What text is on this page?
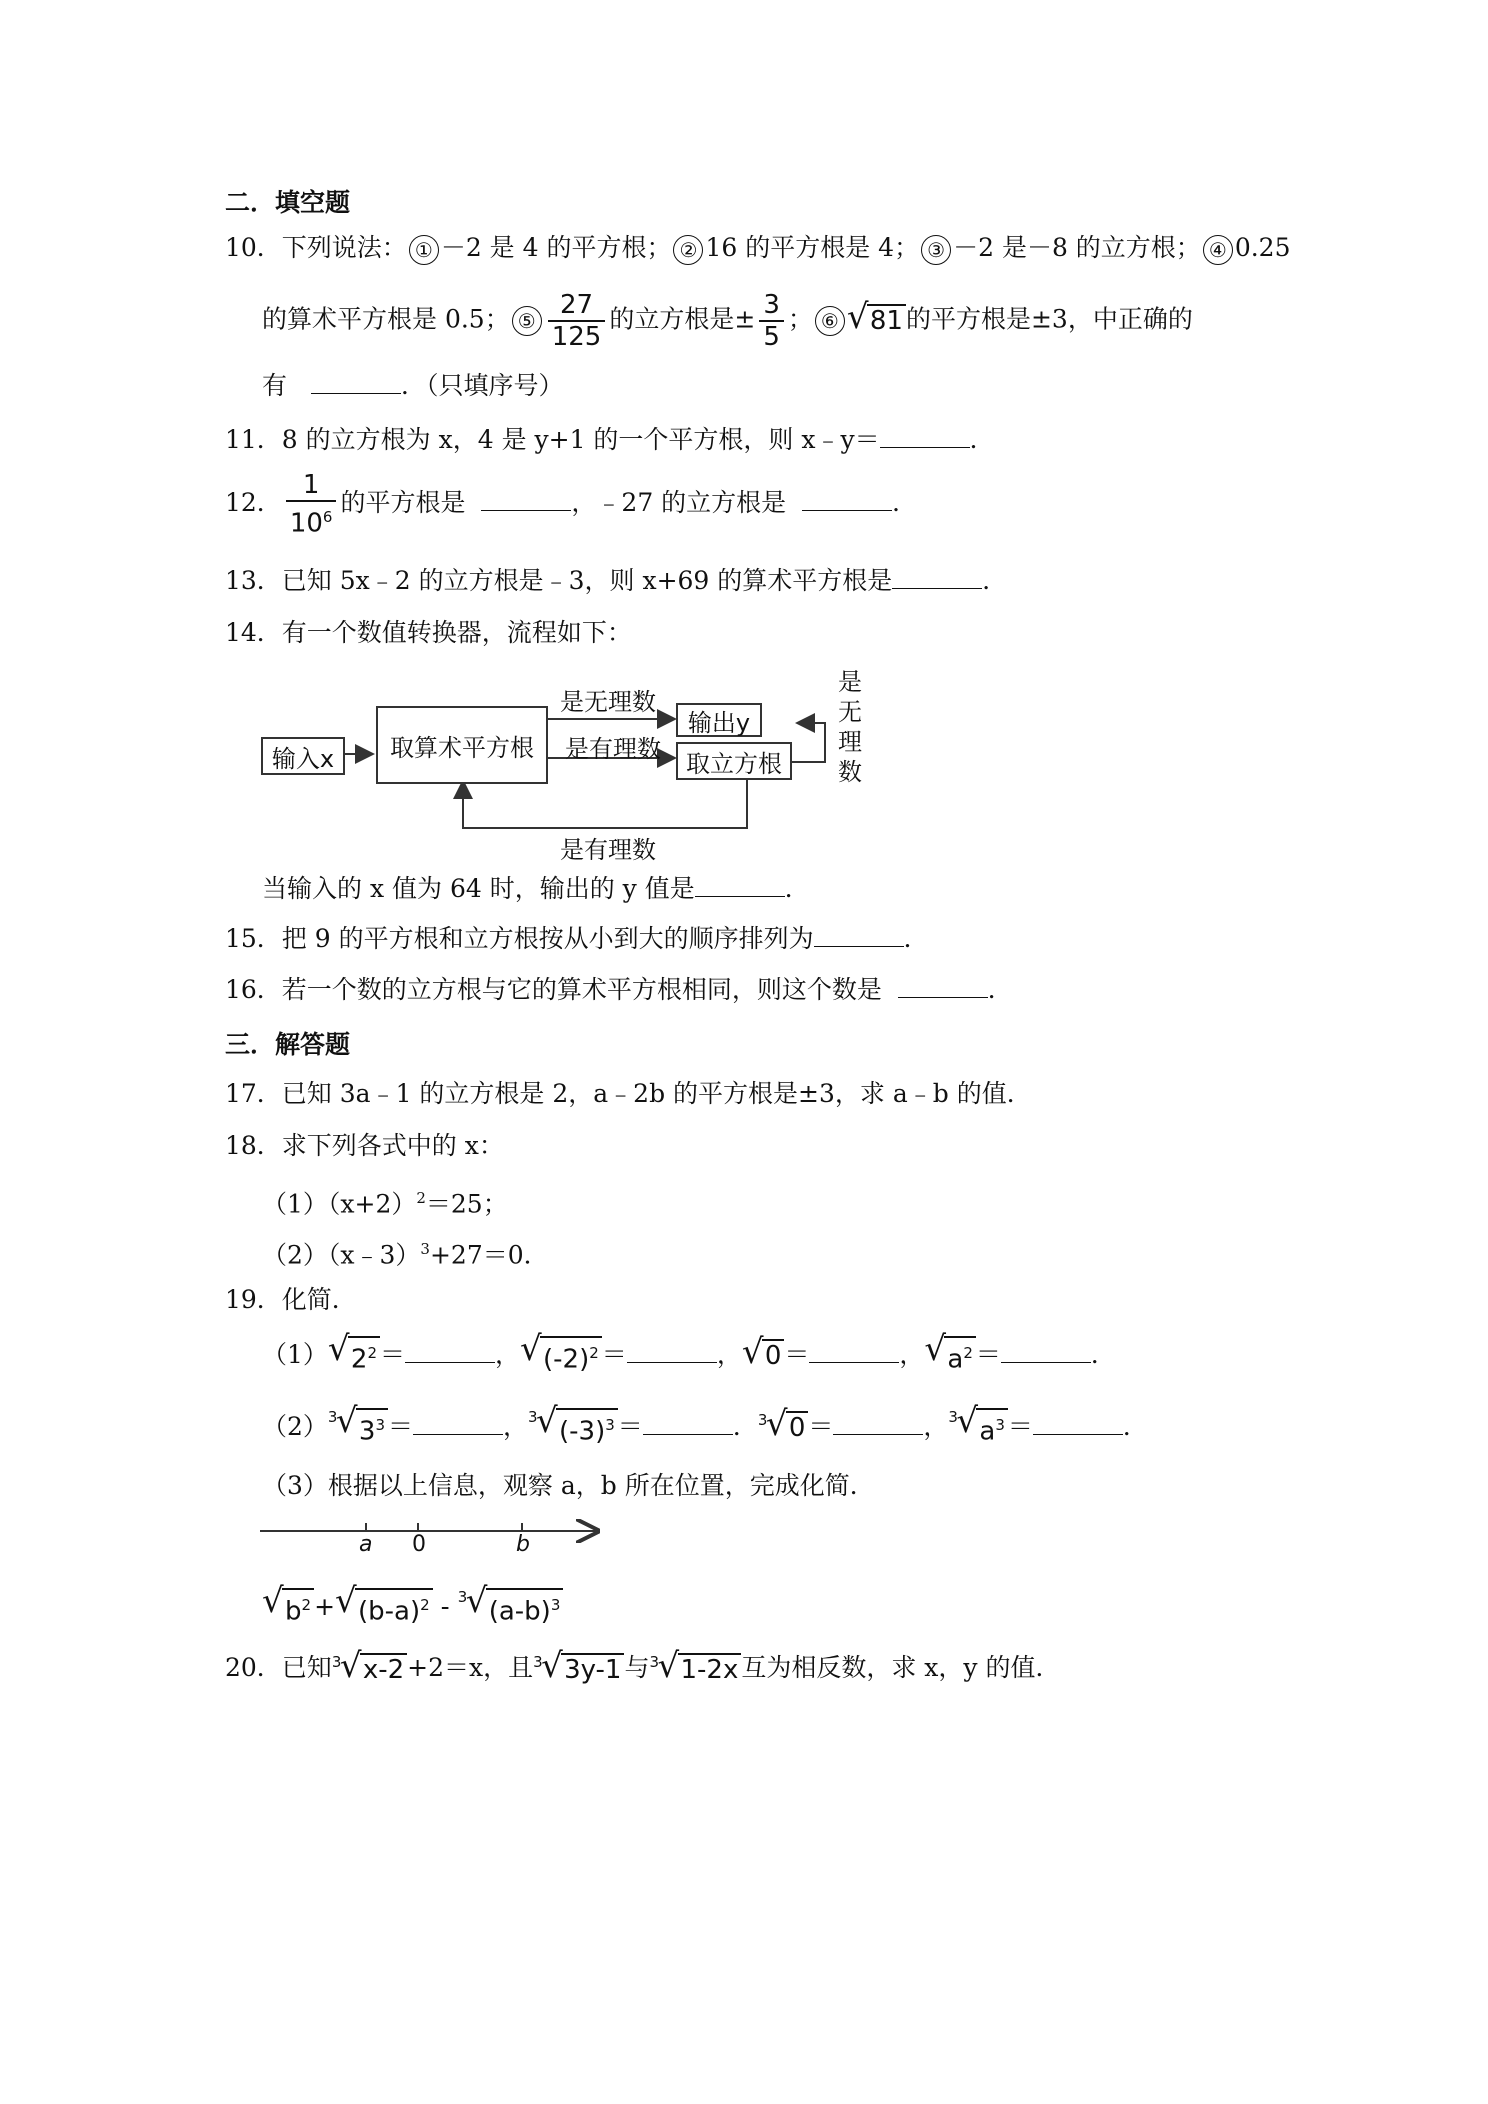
二．填空题
10．下列说法： ① －2 是 4 的平方根； ② 16 的平方根是 4； ③ －2 是－8 的立方根； ④ 0.25
的算术平方根是 0.5； ⑤ $\frac{27}{125}$ 的立方根是± $\frac{3}{5}$ ； ⑥ √ 81 的平方根是±3，中正确的
有	．（只填序号）
11．8 的立方根为 x，4 是 y+1 的一个平方根，则 x﹣y＝	．
12． $\frac{1}{10^6}$ 的平方根是	，﹣27 的立方根是	．
13．已知 5x﹣2 的立方根是﹣3，则 x+69 的算术平方根是	．
14．有一个数值转换器，流程如下：
输入x	取算术平方根
输出y
取立方根
是无理数
是有理数
是有理数
是
无
理
数
当输入的 x 值为 64 时，输出的 y 值是	．
15．把 9 的平方根和立方根按从小到大的顺序排列为	．
16．若一个数的立方根与它的算术平方根相同，则这个数是	．
三．解答题
17．已知 3a﹣1 的立方根是 2，a﹣2b 的平方根是±3，求 a﹣b 的值．
18．求下列各式中的 x：
$(1)(x+2)^2=25$；
（2）（x﹣3）$^3$+27＝0．
19．化简．
（1） √ $2^2$ ＝	， √ $(-2)^2$ ＝	， √ 0 ＝	， √ $a^2$ ＝	．
（2） 3
√ $3^3$ ＝	， 3
√ $(-3)^3$ ＝	． 3
√ 0 ＝	， 3
√ $a^3$ ＝	．
（3）根据以上信息，观察 a，b 所在位置，完成化简．
a 0	b
√ $b^2$ + √ $(b-a)^2 - 3$
√ $(a-b)^3$
20．已知 3
√ x-2 +2＝x，且 3
√ 3y-1 与 3
√ 1-2x 互为相反数，求 x，y 的值．
